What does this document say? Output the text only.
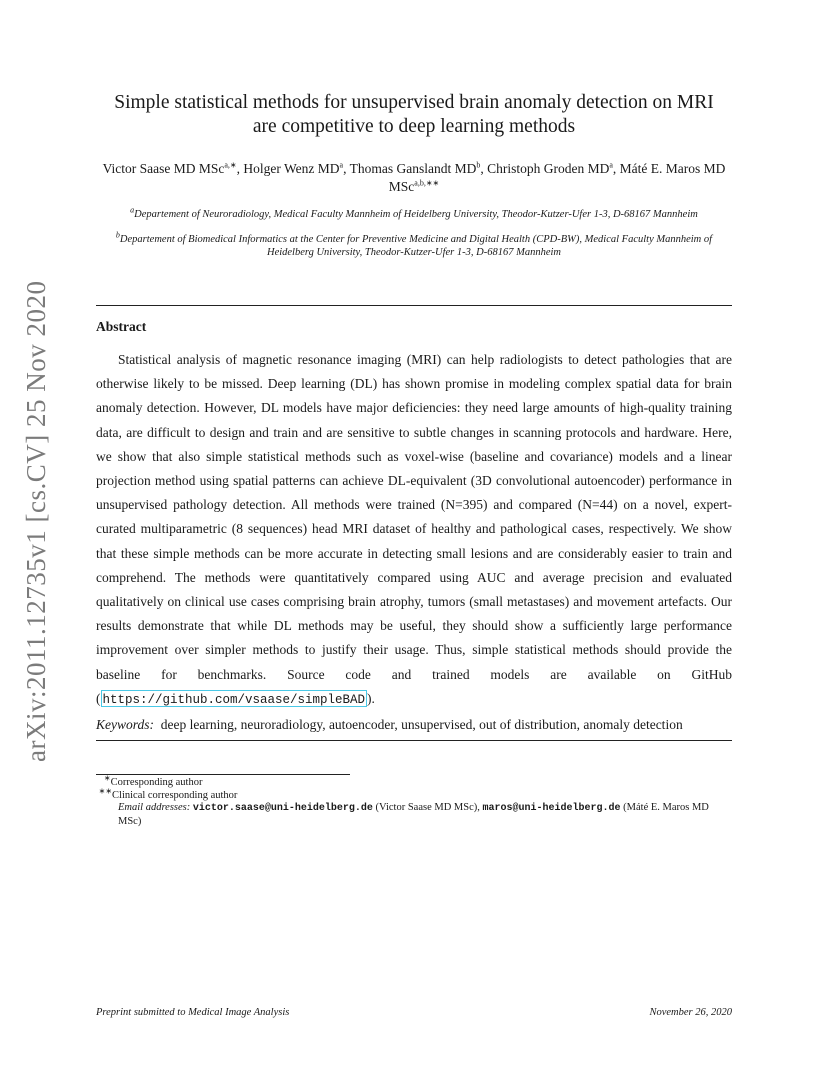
arXiv:2011.12735v1 [cs.CV] 25 Nov 2020
Simple statistical methods for unsupervised brain anomaly detection on MRI
are competitive to deep learning methods
Victor Saase MD MSc$^{a,∗}$, Holger Wenz $MD^a$, Thomas Ganslandt $MD^b$, Christoph Groden $MD^a$, Máté E. Maros MD MSc$^{a,b,∗∗}$
$^a$Departement of Neuroradiology, Medical Faculty Mannheim of Heidelberg University, Theodor-Kutzer-Ufer 1-3, D-68167 Mannheim
$^b$Departement of Biomedical Informatics at the Center for Preventive Medicine and Digital Health (CPD-BW), Medical Faculty Mannheim of Heidelberg University, Theodor-Kutzer-Ufer 1-3, D-68167 Mannheim
Abstract
Statistical analysis of magnetic resonance imaging (MRI) can help radiologists to detect pathologies that are otherwise likely to be missed. Deep learning (DL) has shown promise in modeling complex spatial data for brain anomaly detection. However, DL models have major deficiencies: they need large amounts of high-quality training data, are difficult to design and train and are sensitive to subtle changes in scanning protocols and hardware. Here, we show that also simple statistical methods such as voxel-wise (baseline and covariance) models and a linear projection method using spatial patterns can achieve DL-equivalent (3D convolutional autoencoder) performance in unsupervised pathology detection. All methods were trained (N=395) and compared (N=44) on a novel, expert-curated multiparametric (8 sequences) head MRI dataset of healthy and pathological cases, respectively. We show that these simple methods can be more accurate in detecting small lesions and are considerably easier to train and comprehend. The methods were quantitatively compared using AUC and average precision and evaluated qualitatively on clinical use cases comprising brain atrophy, tumors (small metastases) and movement artefacts. Our results demonstrate that while DL methods may be useful, they should show a sufficiently large performance improvement over simpler methods to justify their usage. Thus, simple statistical methods should provide the baseline for benchmarks. Source code and trained models are available on GitHub ( https://github.com/vsaase/simpleBAD ).
Keywords: deep learning, neuroradiology, autoencoder, unsupervised, out of distribution, anomaly detection
∗Corresponding author
∗∗Clinical corresponding author
Email addresses: victor.saase@uni-heidelberg.de (Victor Saase MD MSc), maros@uni-heidelberg.de (Máté E. Maros MD MSc)
Preprint submitted to Medical Image Analysis	November 26, 2020
